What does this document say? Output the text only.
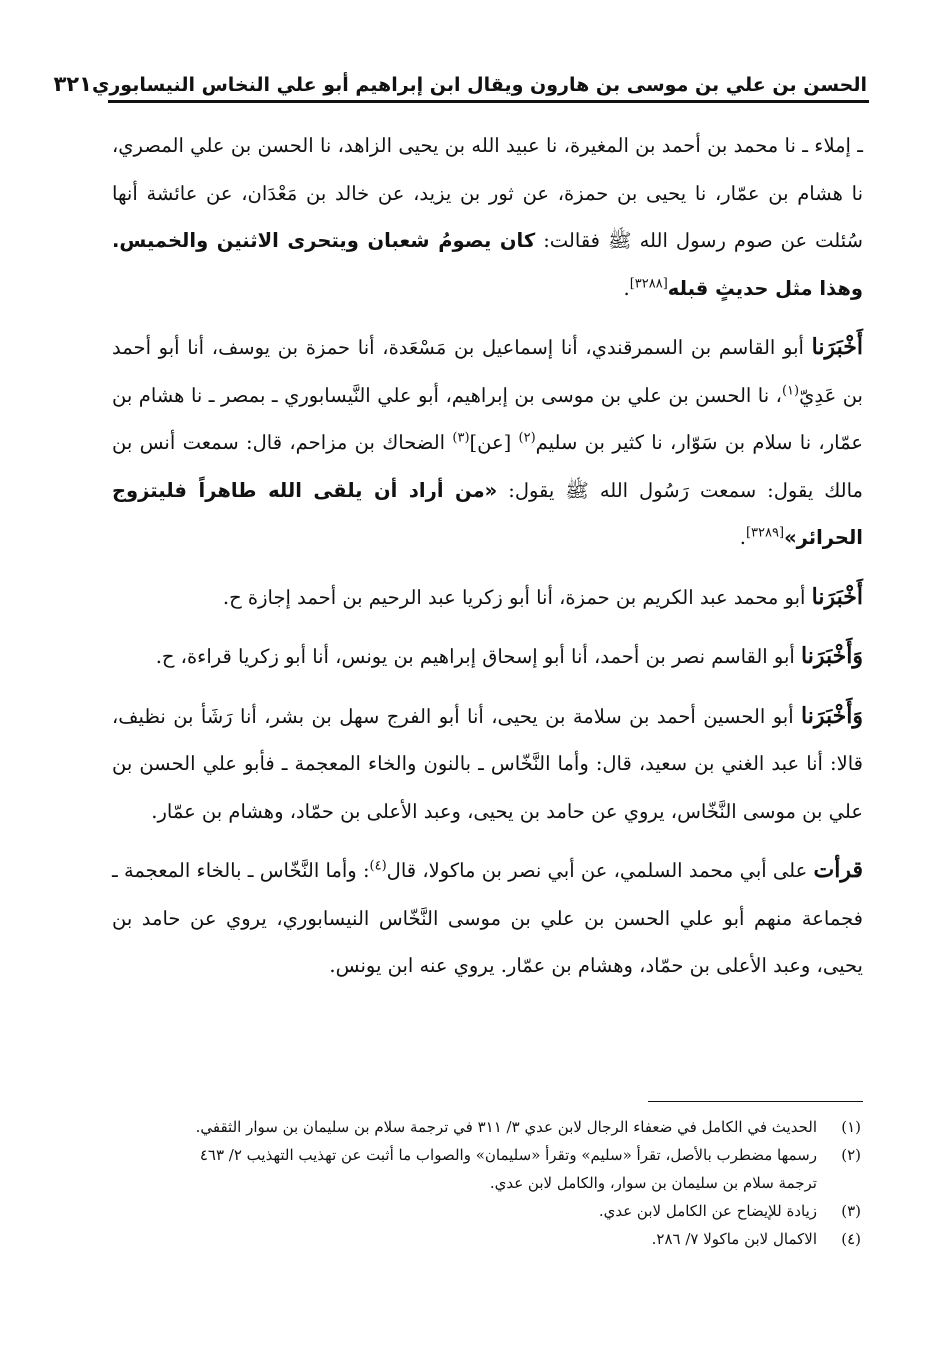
الحسن بن علي بن موسى بن هارون ويقال ابن إبراهيم أبو علي النخاس النيسابوري
٣٢١

ـ إملاء ـ نا محمد بن أحمد بن المغيرة، نا عبيد الله بن يحيى الزاهد، نا الحسن بن علي المصري، نا هشام بن عمّار، نا يحيى بن حمزة، عن ثور بن يزيد، عن خالد بن مَعْدَان، عن عائشة أنها سُئلت عن صوم رسول الله ﷺ فقالت: كان يصومُ شعبان ويتحرى الاثنين والخميس. وهذا مثل حديثٍ قبله[٣٢٨٨].

أَخْبَرَنا أبو القاسم بن السمرقندي، أنا إسماعيل بن مَسْعَدة، أنا حمزة بن يوسف، أنا أبو أحمد بن عَدِيّ$^{(١)}$، نا الحسن بن علي بن موسى بن إبراهيم، أبو علي النَّيسابوري ـ بمصر ـ نا هشام بن عمّار، نا سلام بن سَوّار، نا كثير بن سليم$^{(٢)}$ [عن]$^{(٣)}$ الضحاك بن مزاحم، قال: سمعت أنس بن مالك يقول: سمعت رَسُول الله ﷺ يقول: «من أراد أن يلقى الله طاهراً فليتزوج الحرائر»[٣٢٨٩].

أَخْبَرَنا أبو محمد عبد الكريم بن حمزة، أنا أبو زكريا عبد الرحيم بن أحمد إجازة ح.

وَأَخْبَرَنا أبو القاسم نصر بن أحمد، أنا أبو إسحاق إبراهيم بن يونس، أنا أبو زكريا قراءة، ح.

وَأَخْبَرَنا أبو الحسين أحمد بن سلامة بن يحيى، أنا أبو الفرج سهل بن بشر، أنا رَشَأ بن نظيف، قالا: أنا عبد الغني بن سعيد، قال: وأما النَّخّاس ـ بالنون والخاء المعجمة ـ فأبو علي الحسن بن علي بن موسى النَّخّاس، يروي عن حامد بن يحيى، وعبد الأعلى بن حمّاد، وهشام بن عمّار.

قرأت على أبي محمد السلمي، عن أبي نصر بن ماكولا، قال$^{(٤)}$: وأما النَّخّاس ـ بالخاء المعجمة ـ فجماعة منهم أبو علي الحسن بن علي بن موسى النَّخّاس النيسابوري، يروي عن حامد بن يحيى، وعبد الأعلى بن حمّاد، وهشام بن عمّار. يروي عنه ابن يونس.

(١)
الحديث في الكامل في ضعفاء الرجال لابن عدي ٣/ ٣١١ في ترجمة سلام بن سليمان بن سوار الثقفي.
(٢)
رسمها مضطرب بالأصل، تقرأ «سليم» وتقرأ «سليمان» والصواب ما أثبت عن تهذيب التهذيب ٢/ ٤٦٣
ترجمة سلام بن سليمان بن سوار، والكامل لابن عدي.
(٣)
زيادة للإيضاح عن الكامل لابن عدي.
(٤)
الاكمال لابن ماكولا ٧/ ٢٨٦.
